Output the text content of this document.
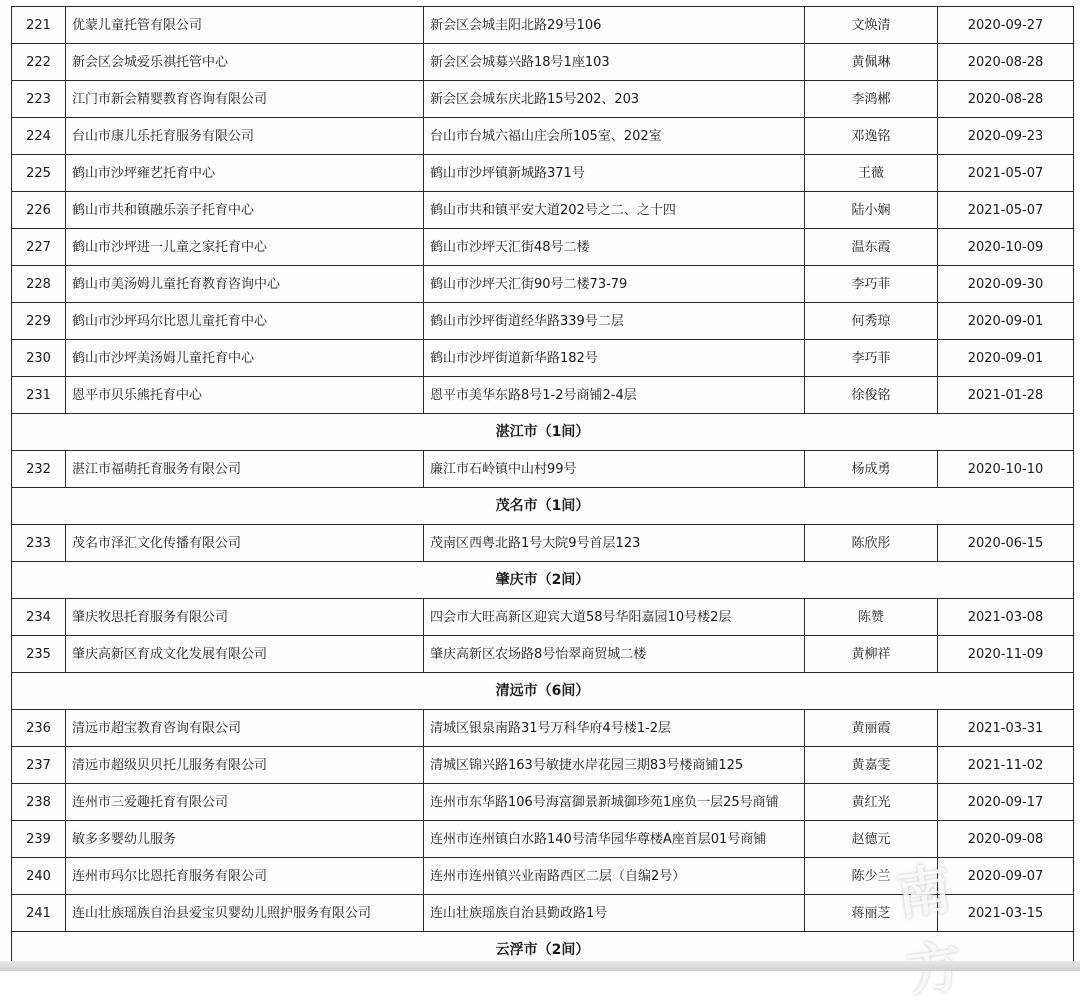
221	优蒙儿童托管有限公司	新会区会城圭阳北路29号106	文焕清	2020-09-27
222	新会区会城爱乐祺托管中心	新会区会城募兴路18号1座103	黄佩琳	2020-08-28
223	江门市新会精婴教育咨询有限公司	新会区会城东庆北路15号202、203	李鸿郴	2020-08-28
224	台山市康儿乐托育服务有限公司	台山市台城六福山庄会所105室、202室	邓逸铭	2020-09-23
225	鹤山市沙坪雍艺托育中心	鹤山市沙坪镇新城路371号	王薇	2021-05-07
226	鹤山市共和镇融乐亲子托育中心	鹤山市共和镇平安大道202号之二、之十四	陆小娴	2021-05-07
227	鹤山市沙坪进一儿童之家托育中心	鹤山市沙坪天汇街48号二楼	温东霞	2020-10-09
228	鹤山市美汤姆儿童托育教育咨询中心	鹤山市沙坪天汇街90号二楼73-79	李巧菲	2020-09-30
229	鹤山市沙坪玛尔比恩儿童托育中心	鹤山市沙坪街道经华路339号二层	何秀琼	2020-09-01
230	鹤山市沙坪美汤姆儿童托育中心	鹤山市沙坪街道新华路182号	李巧菲	2020-09-01
231	恩平市贝乐熊托育中心	恩平市美华东路8号1-2号商铺2-4层	徐俊铭	2021-01-28
湛江市（1间）				
232	湛江市福萌托育服务有限公司	廉江市石岭镇中山村99号	杨成勇	2020-10-10
茂名市（1间）				
233	茂名市泽汇文化传播有限公司	茂南区西粤北路1号大院9号首层123	陈欣彤	2020-06-15
肇庆市（2间）				
234	肇庆牧思托育服务有限公司	四会市大旺高新区迎宾大道58号华阳嘉园10号楼2层	陈赞	2021-03-08
235	肇庆高新区育成文化发展有限公司	肇庆高新区农场路8号怡翠商贸城二楼	黄柳祥	2020-11-09
清远市（6间）				
236	清远市超宝教育咨询有限公司	清城区银泉南路31号万科华府4号楼1-2层	黄丽霞	2021-03-31
237	清远市超级贝贝托儿服务有限公司	清城区锦兴路163号敏捷水岸花园三期83号楼商铺125	黄嘉雯	2021-11-02
238	连州市三爱趣托育有限公司	连州市东华路106号海富御景新城御珍苑1座负一层25号商铺	黄红光	2020-09-17
239	敏多多婴幼儿服务	连州市连州镇白水路140号清华园华尊楼A座首层01号商铺	赵德元	2020-09-08
240	连州市玛尔比恩托育服务有限公司	连州市连州镇兴业南路西区二层（自编2号）	陈少兰	2020-09-07
241	连山壮族瑶族自治县爱宝贝婴幼儿照护服务有限公司	连山壮族瑶族自治县勤政路1号	蒋丽芝	2021-03-15
云浮市（2间）				
南方
